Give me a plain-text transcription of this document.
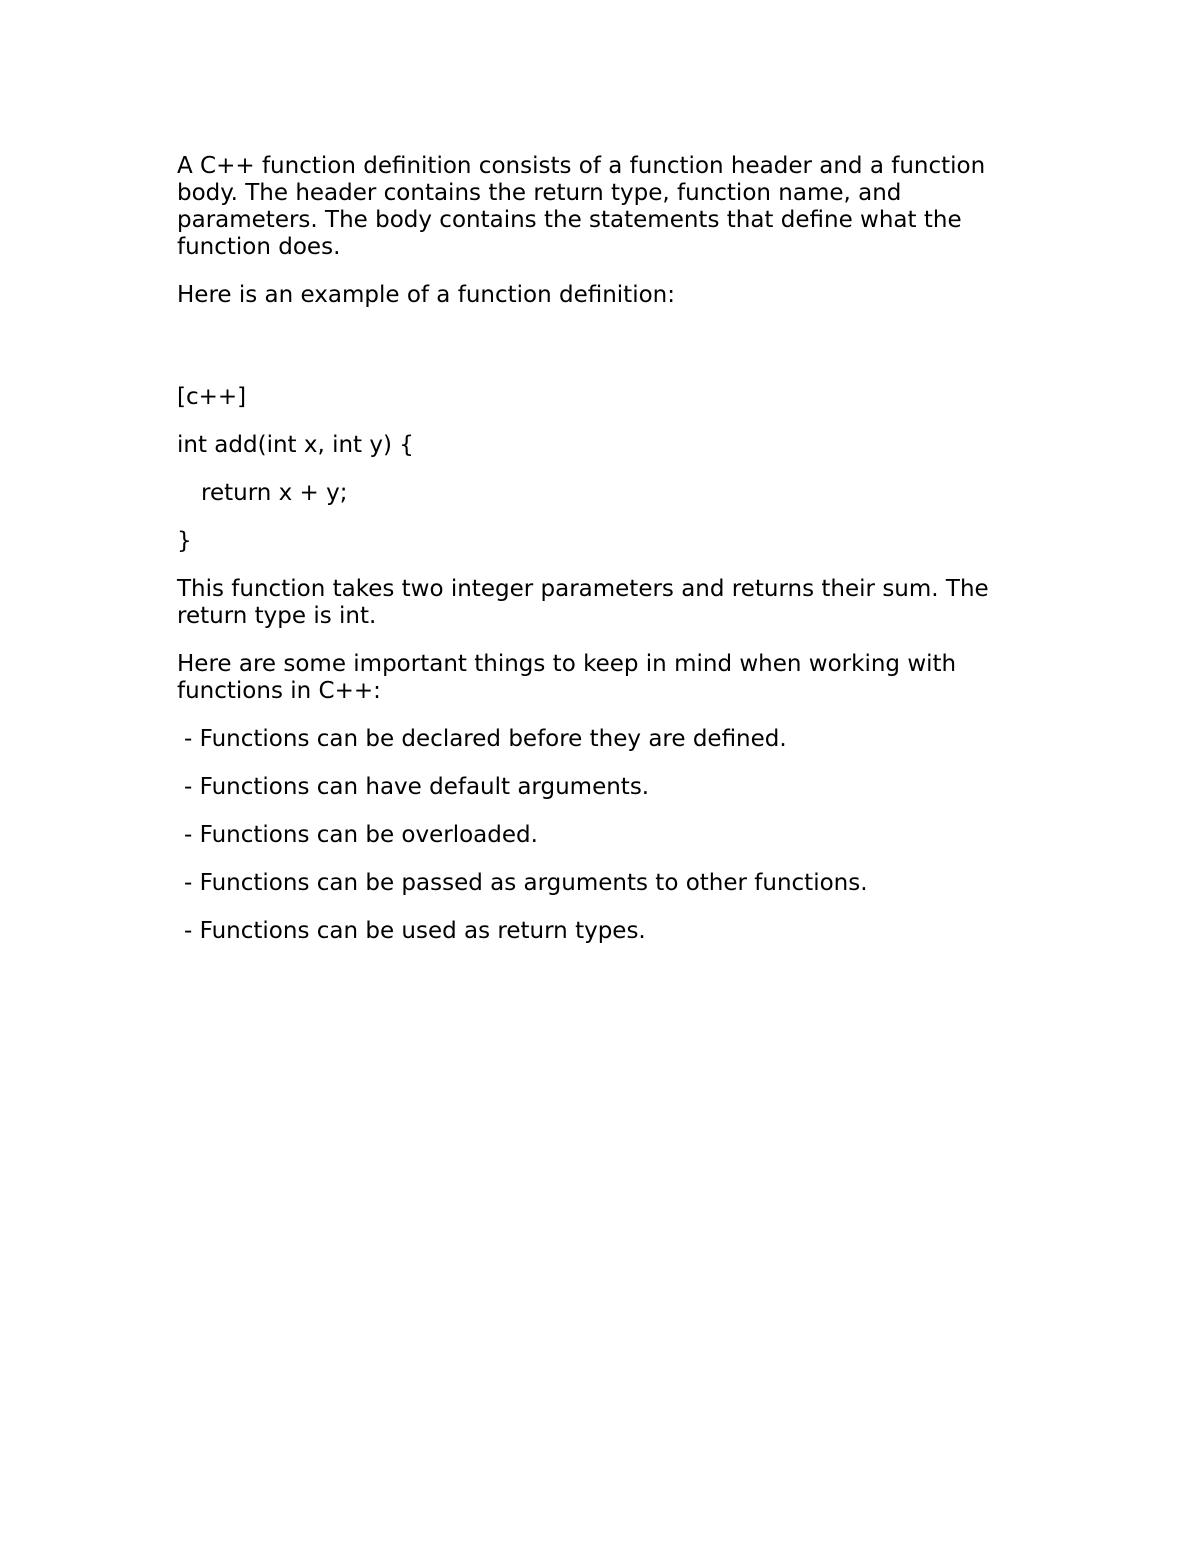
A C++ function definition consists of a function header and a function body. The header contains the return type, function name, and parameters. The body contains the statements that define what the function does.

Here is an example of a function definition:

[c++]

int add(int x, int y) {

return x + y;

}

This function takes two integer parameters and returns their sum. The return type is int.

Here are some important things to keep in mind when working with functions in C++:

- Functions can be declared before they are defined.

- Functions can have default arguments.

- Functions can be overloaded.

- Functions can be passed as arguments to other functions.

- Functions can be used as return types.
